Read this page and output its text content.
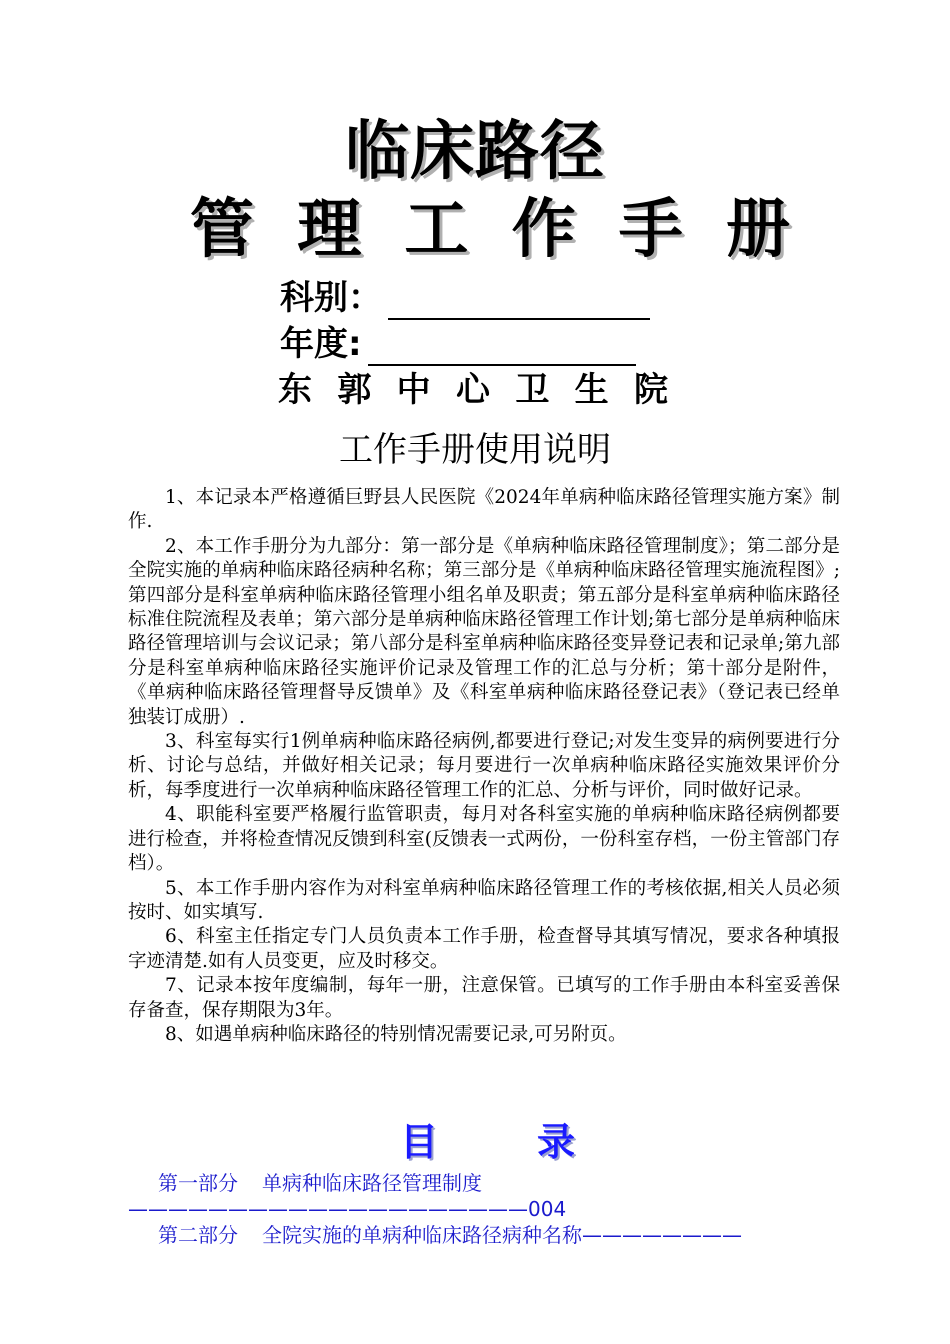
临床路径
管 理 工 作 手 册
科别：
年度:
东 郭 中 心 卫 生 院
工作手册使用说明

1、本记录本严格遵循巨野县人民医院《2024年单病种临床路径管理实施方案》制作.

2、本工作手册分为九部分：第一部分是《单病种临床路径管理制度》；第二部分是全院实施的单病种临床路径病种名称；第三部分是《单病种临床路径管理实施流程图》;第四部分是科室单病种临床路径管理小组名单及职责；第五部分是科室单病种临床路径标准住院流程及表单；第六部分是单病种临床路径管理工作计划;第七部分是单病种临床路径管理培训与会议记录；第八部分是科室单病种临床路径变异登记表和记录单;第九部分是科室单病种临床路径实施评价记录及管理工作的汇总与分析；第十部分是附件，《单病种临床路径管理督导反馈单》及《科室单病种临床路径登记表》（登记表已经单独装订成册）.

3、科室每实行1例单病种临床路径病例,都要进行登记;对发生变异的病例要进行分析、讨论与总结，并做好相关记录；每月要进行一次单病种临床路径实施效果评价分析，每季度进行一次单病种临床路径管理工作的汇总、分析与评价，同时做好记录。

4、职能科室要严格履行监管职责，每月对各科室实施的单病种临床路径病例都要进行检查，并将检查情况反馈到科室(反馈表一式两份，一份科室存档，一份主管部门存档）。

5、本工作手册内容作为对科室单病种临床路径管理工作的考核依据,相关人员必须按时、如实填写.

6、科室主任指定专门人员负责本工作手册，检查督导其填写情况，要求各种填报字迹清楚.如有人员变更，应及时移交。

7、记录本按年度编制，每年一册，注意保管。已填写的工作手册由本科室妥善保存备查，保存期限为3年。

8、如遇单病种临床路径的特别情况需要记录,可另附页。

目	录
第一部分 单病种临床路径管理制度————————————————————004
第二部分 全院实施的单病种临床路径病种名称————————
